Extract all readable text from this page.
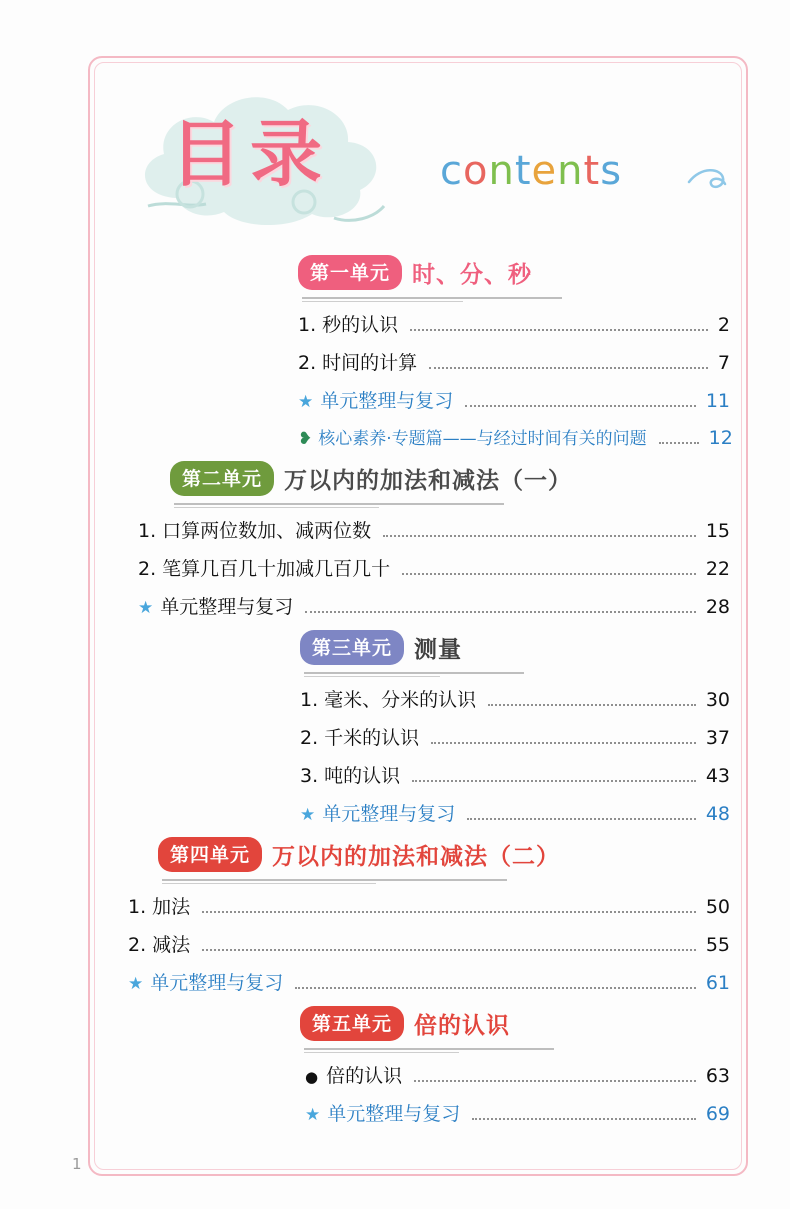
目录	contents
第一单元 时、分、秒
1. 秒的认识	2
2. 时间的计算	7
★ 单元整理与复习	11
❥ 核心素养·专题篇——与经过时间有关的问题	12
第二单元 万以内的加法和减法（一）
1. 口算两位数加、减两位数	15
2. 笔算几百几十加减几百几十	22
★ 单元整理与复习	28
第三单元 测量
1. 毫米、分米的认识	30
2. 千米的认识	37
3. 吨的认识	43
★ 单元整理与复习	48
第四单元 万以内的加法和减法（二）
1. 加法	50
2. 减法	55
★ 单元整理与复习	61
第五单元 倍的认识
● 倍的认识	63
★ 单元整理与复习	69
1
